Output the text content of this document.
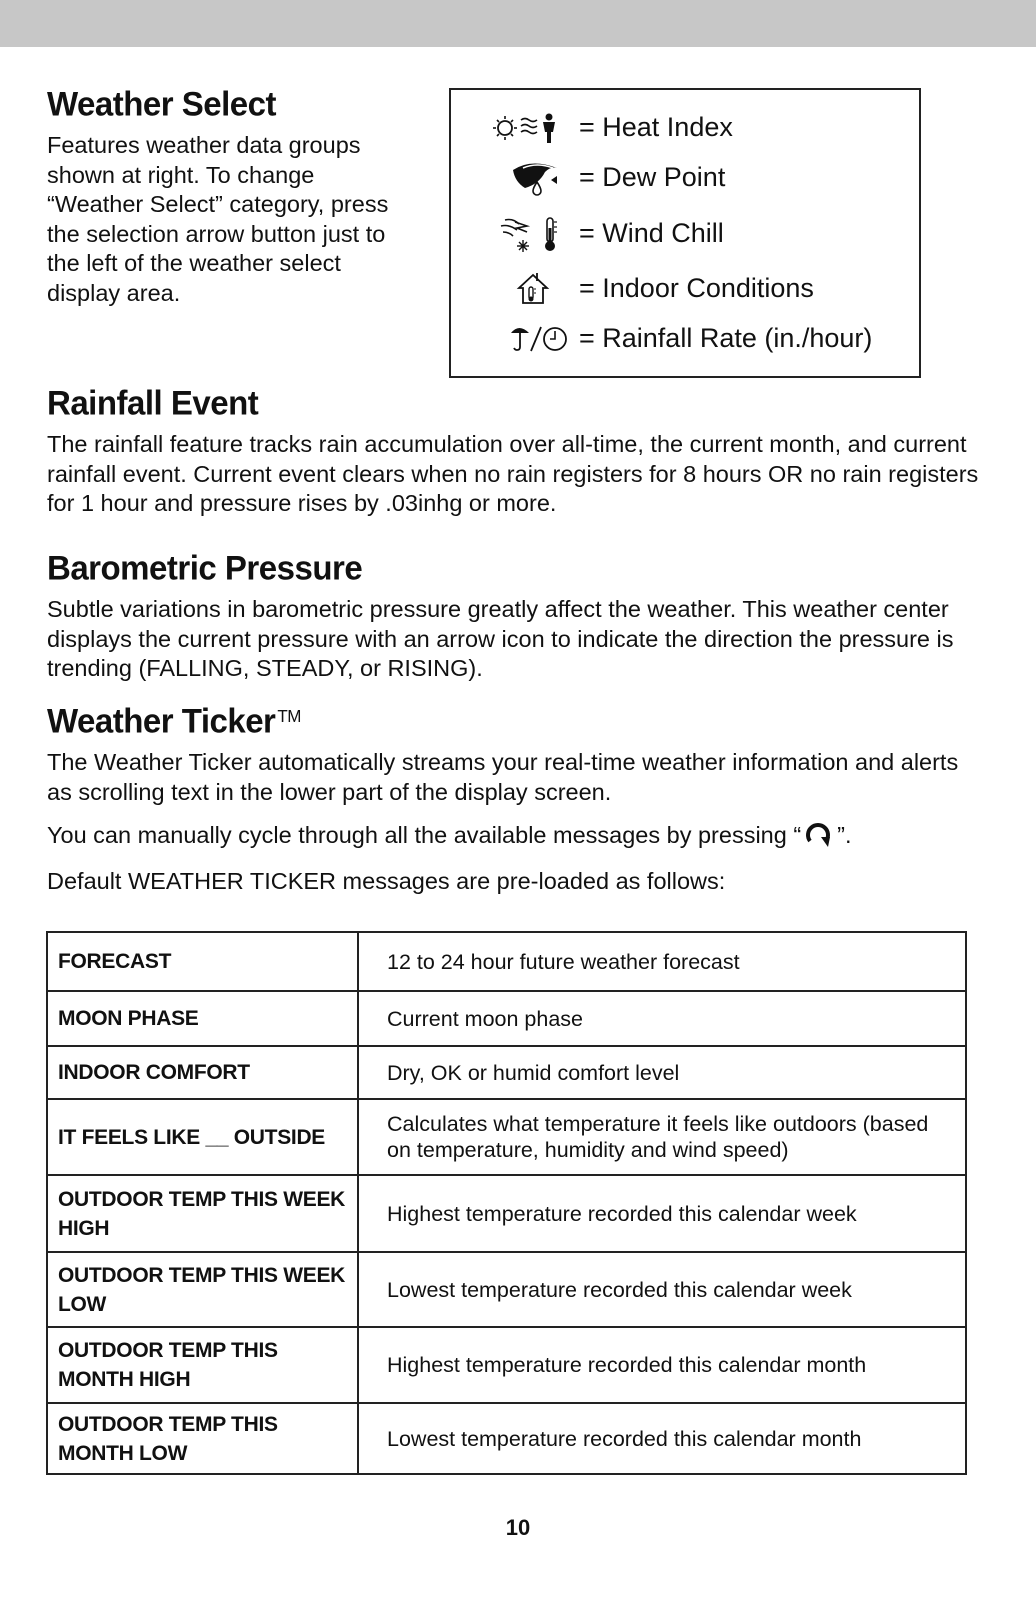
Weather Select

Features weather data groups shown at right. To change “Weather Select” category, press the selection arrow button just to the left of the weather select display area.

= Heat Index
= Dew Point
= Wind Chill
= Indoor Conditions
= Rainfall Rate (in./hour)
Rainfall Event

The rainfall feature tracks rain accumulation over all-time, the current month, and current rainfall event. Current event clears when no rain registers for 8 hours OR no rain registers for 1 hour and pressure rises by .03inhg or more.

Barometric Pressure

Subtle variations in barometric pressure greatly affect the weather. This weather center displays the current pressure with an arrow icon to indicate the direction the pressure is trending (FALLING, STEADY, or RISING).

Weather Ticker ™

The Weather Ticker automatically streams your real-time weather information and alerts as scrolling text in the lower part of the display screen.

You can manually cycle through all the available messages by pressing “ ”.

Default WEATHER TICKER messages are pre-loaded as follows:

FORECAST	12 to 24 hour future weather forecast
MOON PHASE	Current moon phase
INDOOR COMFORT	Dry, OK or humid comfort level
IT FEELS LIKE __ OUTSIDE	Calculates what temperature it feels like outdoors (based on temperature, humidity and wind speed)
OUTDOOR TEMP THIS WEEK HIGH	Highest temperature recorded this calendar week
OUTDOOR TEMP THIS WEEK LOW	Lowest temperature recorded this calendar week
OUTDOOR TEMP THIS MONTH HIGH	Highest temperature recorded this calendar month
OUTDOOR TEMP THIS MONTH LOW	Lowest temperature recorded this calendar month
10
